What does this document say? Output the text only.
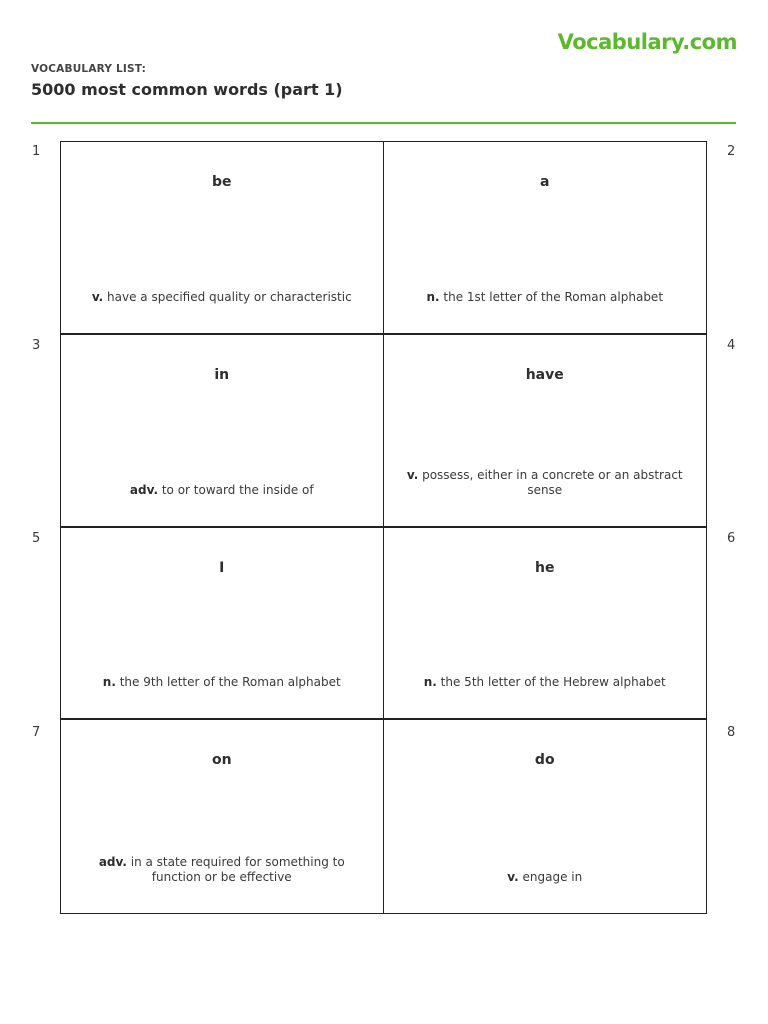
Vocabulary.com
VOCABULARY LIST:
5000 most common words (part 1)
1	2
3	4
5	6
7	8
be
v. have a specified quality or characteristic
a
n. the 1st letter of the Roman alphabet
in
adv. to or toward the inside of
have
v. possess, either in a concrete or an abstract sense
I
n. the 9th letter of the Roman alphabet
he
n. the 5th letter of the Hebrew alphabet
on
adv. in a state required for something to function or be effective
do
v. engage in
